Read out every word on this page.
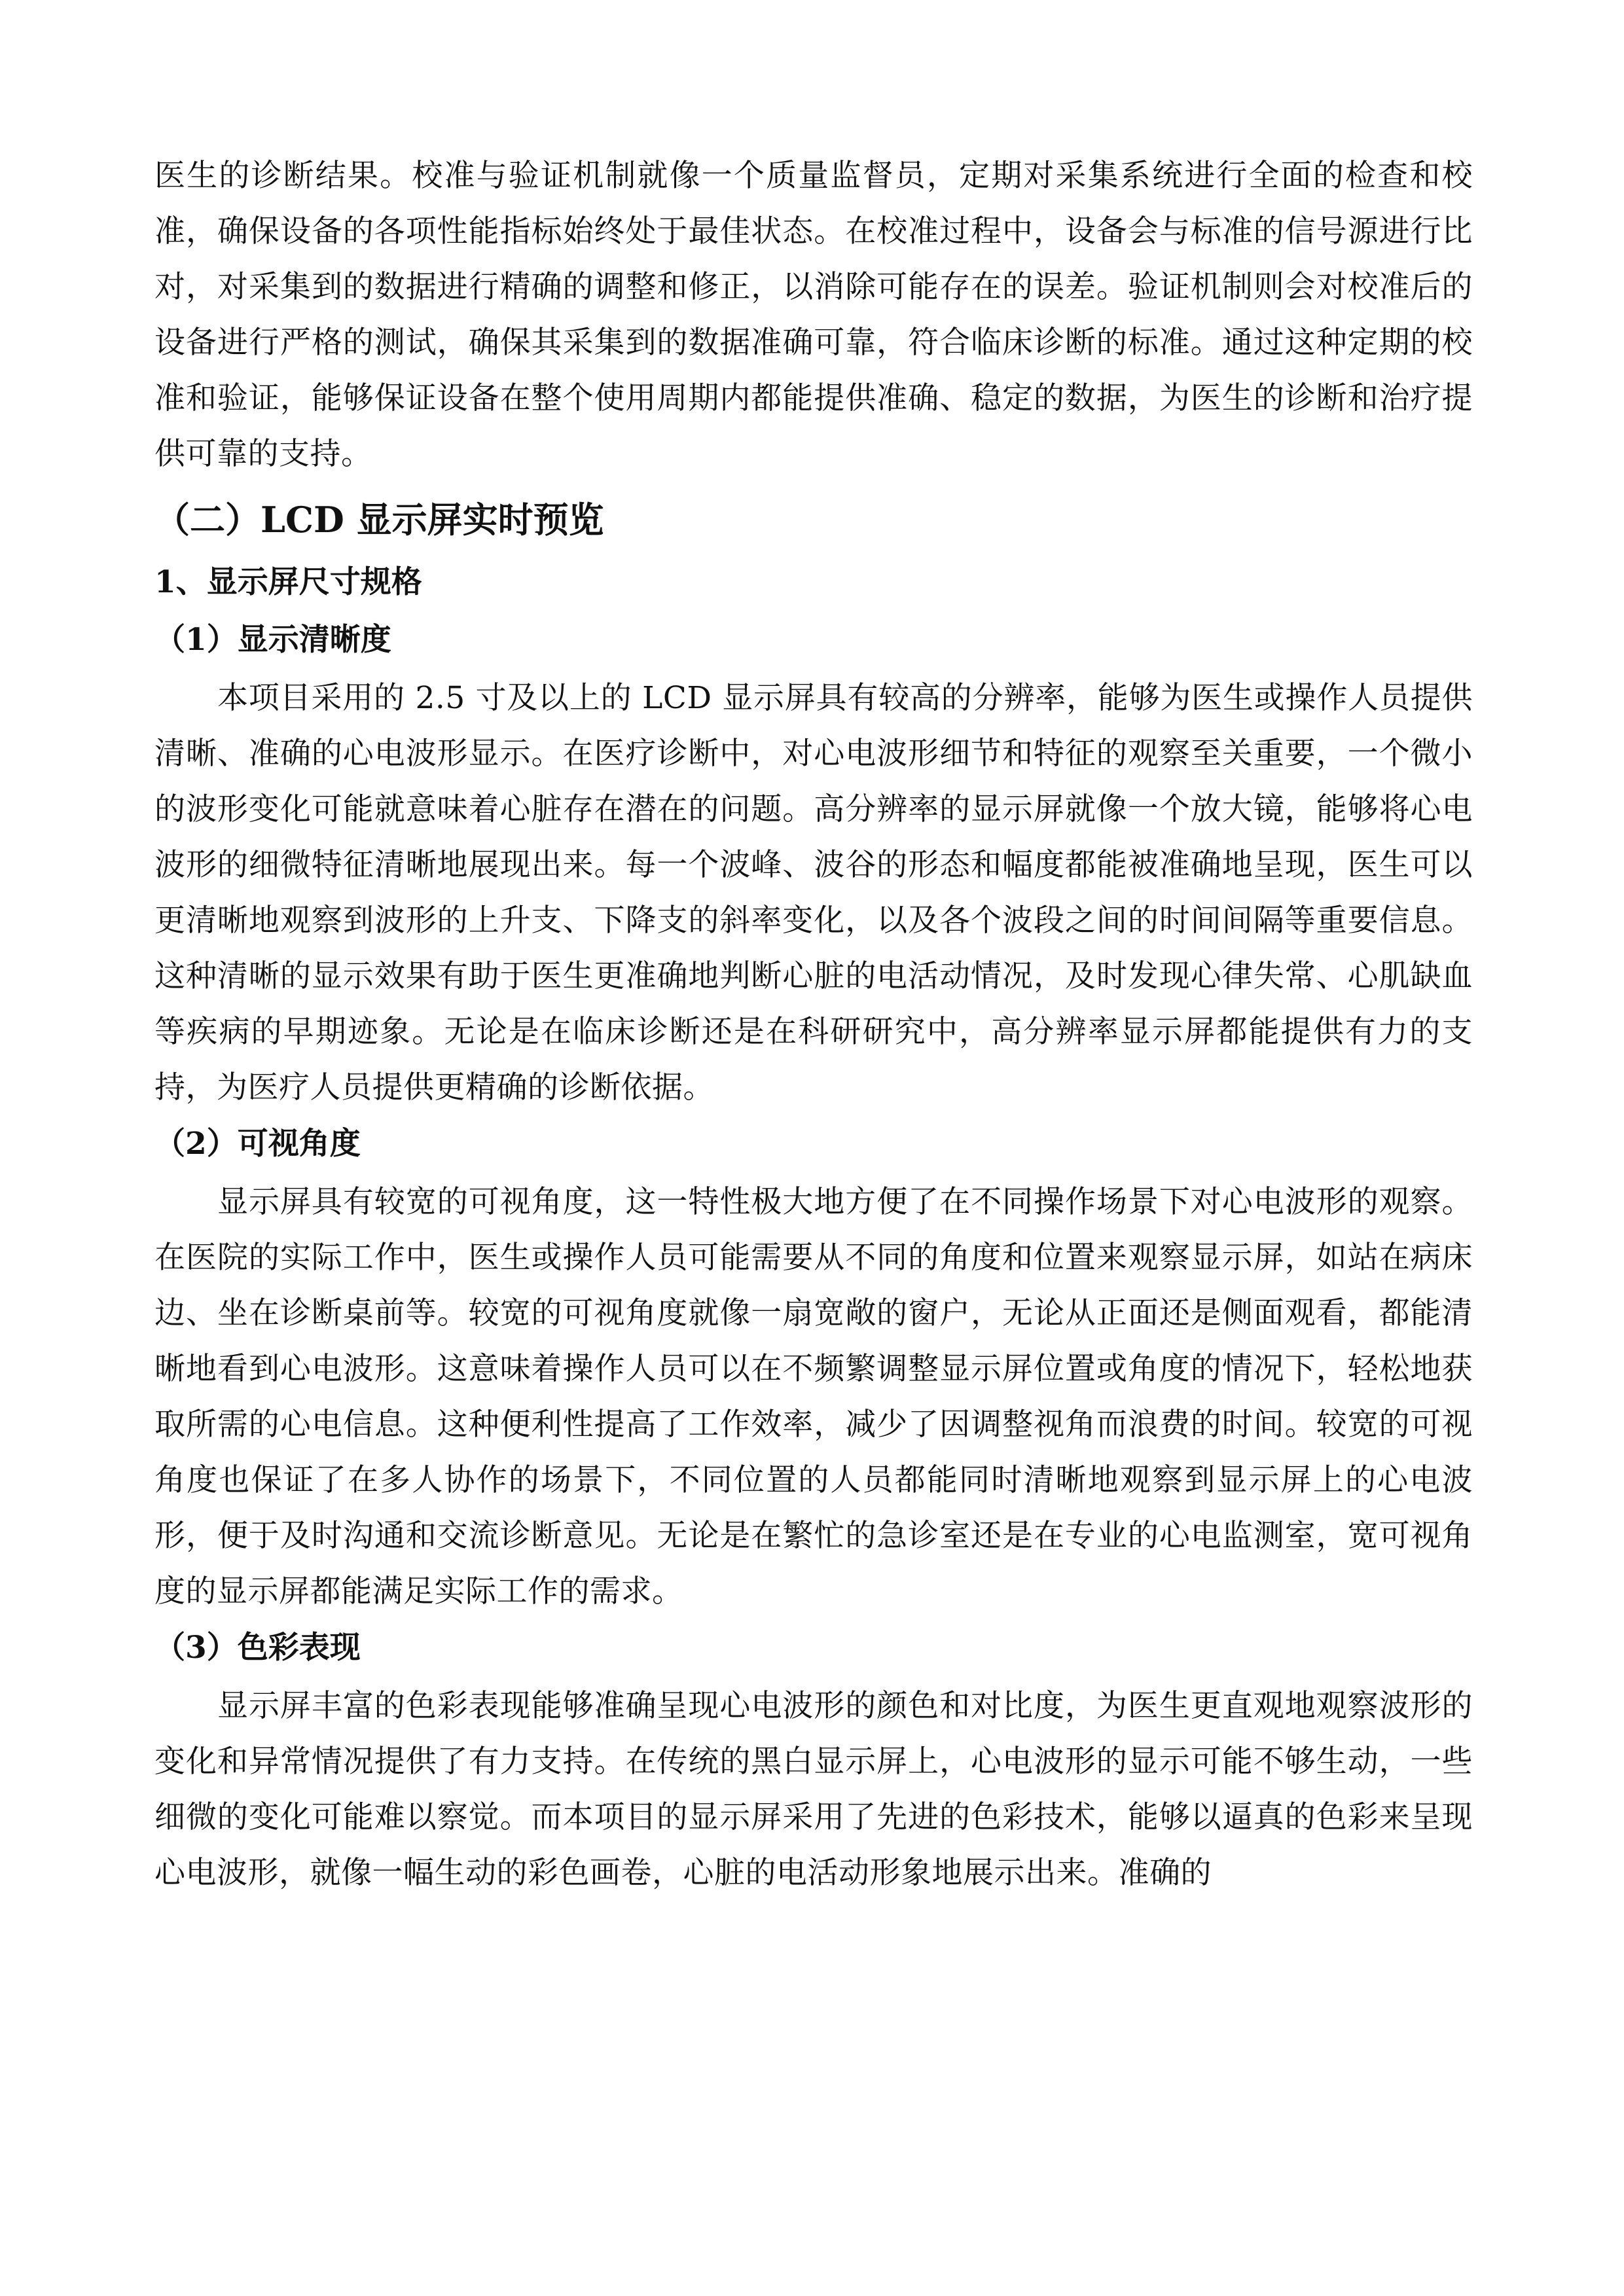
医生的诊断结果。校准与验证机制就像一个质量监督员，定期对采集系统进行全面的检查和校准，确保设备的各项性能指标始终处于最佳状态。在校准过程中，设备会与标准的信号源进行比对，对采集到的数据进行精确的调整和修正，以消除可能存在的误差。验证机制则会对校准后的设备进行严格的测试，确保其采集到的数据准确可靠，符合临床诊断的标准。通过这种定期的校准和验证，能够保证设备在整个使用周期内都能提供准确、稳定的数据，为医生的诊断和治疗提供可靠的支持。

（二）LCD 显示屏实时预览
1、显示屏尺寸规格
（1）显示清晰度

本项目采用的 2.5 寸及以上的 LCD 显示屏具有较高的分辨率，能够为医生或操作人员提供清晰、准确的心电波形显示。在医疗诊断中，对心电波形细节和特征的观察至关重要，一个微小的波形变化可能就意味着心脏存在潜在的问题。高分辨率的显示屏就像一个放大镜，能够将心电波形的细微特征清晰地展现出来。每一个波峰、波谷的形态和幅度都能被准确地呈现，医生可以更清晰地观察到波形的上升支、下降支的斜率变化，以及各个波段之间的时间间隔等重要信息。这种清晰的显示效果有助于医生更准确地判断心脏的电活动情况，及时发现心律失常、心肌缺血等疾病的早期迹象。无论是在临床诊断还是在科研研究中，高分辨率显示屏都能提供有力的支持，为医疗人员提供更精确的诊断依据。

（2）可视角度

显示屏具有较宽的可视角度，这一特性极大地方便了在不同操作场景下对心电波形的观察。在医院的实际工作中，医生或操作人员可能需要从不同的角度和位置来观察显示屏，如站在病床边、坐在诊断桌前等。较宽的可视角度就像一扇宽敞的窗户，无论从正面还是侧面观看，都能清晰地看到心电波形。这意味着操作人员可以在不频繁调整显示屏位置或角度的情况下，轻松地获取所需的心电信息。这种便利性提高了工作效率，减少了因调整视角而浪费的时间。较宽的可视角度也保证了在多人协作的场景下，不同位置的人员都能同时清晰地观察到显示屏上的心电波形，便于及时沟通和交流诊断意见。无论是在繁忙的急诊室还是在专业的心电监测室，宽可视角度的显示屏都能满足实际工作的需求。

（3）色彩表现

显示屏丰富的色彩表现能够准确呈现心电波形的颜色和对比度，为医生更直观地观察波形的变化和异常情况提供了有力支持。在传统的黑白显示屏上，心电波形的显示可能不够生动，一些细微的变化可能难以察觉。而本项目的显示屏采用了先进的色彩技术，能够以逼真的色彩来呈现心电波形，就像一幅生动的彩色画卷，心脏的电活动形象地展示出来。准确的
